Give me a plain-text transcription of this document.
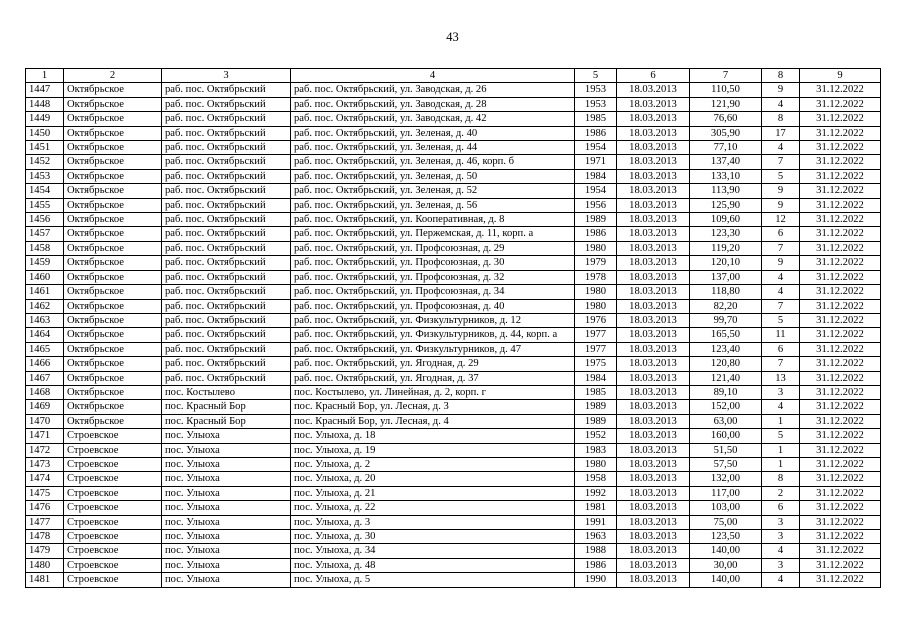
43
1	2	3	4	5	6	7	8	9
1447	Октябрьское	раб. пос. Октябрьский	раб. пос. Октябрьский, ул. Заводская, д. 26	1953	18.03.2013	110,50	9	31.12.2022
1448	Октябрьское	раб. пос. Октябрьский	раб. пос. Октябрьский, ул. Заводская, д. 28	1953	18.03.2013	121,90	4	31.12.2022
1449	Октябрьское	раб. пос. Октябрьский	раб. пос. Октябрьский, ул. Заводская, д. 42	1985	18.03.2013	76,60	8	31.12.2022
1450	Октябрьское	раб. пос. Октябрьский	раб. пос. Октябрьский, ул. Зеленая, д. 40	1986	18.03.2013	305,90	17	31.12.2022
1451	Октябрьское	раб. пос. Октябрьский	раб. пос. Октябрьский, ул. Зеленая, д. 44	1954	18.03.2013	77,10	4	31.12.2022
1452	Октябрьское	раб. пос. Октябрьский	раб. пос. Октябрьский, ул. Зеленая, д. 46, корп. б	1971	18.03.2013	137,40	7	31.12.2022
1453	Октябрьское	раб. пос. Октябрьский	раб. пос. Октябрьский, ул. Зеленая, д. 50	1984	18.03.2013	133,10	5	31.12.2022
1454	Октябрьское	раб. пос. Октябрьский	раб. пос. Октябрьский, ул. Зеленая, д. 52	1954	18.03.2013	113,90	9	31.12.2022
1455	Октябрьское	раб. пос. Октябрьский	раб. пос. Октябрьский, ул. Зеленая, д. 56	1956	18.03.2013	125,90	9	31.12.2022
1456	Октябрьское	раб. пос. Октябрьский	раб. пос. Октябрьский, ул. Кооперативная, д. 8	1989	18.03.2013	109,60	12	31.12.2022
1457	Октябрьское	раб. пос. Октябрьский	раб. пос. Октябрьский, ул. Пержемская, д. 11, корп. а	1986	18.03.2013	123,30	6	31.12.2022
1458	Октябрьское	раб. пос. Октябрьский	раб. пос. Октябрьский, ул. Профсоюзная, д. 29	1980	18.03.2013	119,20	7	31.12.2022
1459	Октябрьское	раб. пос. Октябрьский	раб. пос. Октябрьский, ул. Профсоюзная, д. 30	1979	18.03.2013	120,10	9	31.12.2022
1460	Октябрьское	раб. пос. Октябрьский	раб. пос. Октябрьский, ул. Профсоюзная, д. 32	1978	18.03.2013	137,00	4	31.12.2022
1461	Октябрьское	раб. пос. Октябрьский	раб. пос. Октябрьский, ул. Профсоюзная, д. 34	1980	18.03.2013	118,80	4	31.12.2022
1462	Октябрьское	раб. пос. Октябрьский	раб. пос. Октябрьский, ул. Профсоюзная, д. 40	1980	18.03.2013	82,20	7	31.12.2022
1463	Октябрьское	раб. пос. Октябрьский	раб. пос. Октябрьский, ул. Физкультурников, д. 12	1976	18.03.2013	99,70	5	31.12.2022
1464	Октябрьское	раб. пос. Октябрьский	раб. пос. Октябрьский, ул. Физкультурников, д. 44, корп. а	1977	18.03.2013	165,50	11	31.12.2022
1465	Октябрьское	раб. пос. Октябрьский	раб. пос. Октябрьский, ул. Физкультурников, д. 47	1977	18.03.2013	123,40	6	31.12.2022
1466	Октябрьское	раб. пос. Октябрьский	раб. пос. Октябрьский, ул. Ягодная, д. 29	1975	18.03.2013	120,80	7	31.12.2022
1467	Октябрьское	раб. пос. Октябрьский	раб. пос. Октябрьский, ул. Ягодная, д. 37	1984	18.03.2013	121,40	13	31.12.2022
1468	Октябрьское	пос. Костылево	пос. Костылево, ул. Линейная, д. 2, корп. г	1985	18.03.2013	89,10	3	31.12.2022
1469	Октябрьское	пос. Красный Бор	пос. Красный Бор, ул. Лесная, д. 3	1989	18.03.2013	152,00	4	31.12.2022
1470	Октябрьское	пос. Красный Бор	пос. Красный Бор, ул. Лесная, д. 4	1989	18.03.2013	63,00	1	31.12.2022
1471	Строевское	пос. Улыоха	пос. Улыоха, д. 18	1952	18.03.2013	160,00	5	31.12.2022
1472	Строевское	пос. Улыоха	пос. Улыоха, д. 19	1983	18.03.2013	51,50	1	31.12.2022
1473	Строевское	пос. Улыоха	пос. Улыоха, д. 2	1980	18.03.2013	57,50	1	31.12.2022
1474	Строевское	пос. Улыоха	пос. Улыоха, д. 20	1958	18.03.2013	132,00	8	31.12.2022
1475	Строевское	пос. Улыоха	пос. Улыоха, д. 21	1992	18.03.2013	117,00	2	31.12.2022
1476	Строевское	пос. Улыоха	пос. Улыоха, д. 22	1981	18.03.2013	103,00	6	31.12.2022
1477	Строевское	пос. Улыоха	пос. Улыоха, д. 3	1991	18.03.2013	75,00	3	31.12.2022
1478	Строевское	пос. Улыоха	пос. Улыоха, д. 30	1963	18.03.2013	123,50	3	31.12.2022
1479	Строевское	пос. Улыоха	пос. Улыоха, д. 34	1988	18.03.2013	140,00	4	31.12.2022
1480	Строевское	пос. Улыоха	пос. Улыоха, д. 48	1986	18.03.2013	30,00	3	31.12.2022
1481	Строевское	пос. Улыоха	пос. Улыоха, д. 5	1990	18.03.2013	140,00	4	31.12.2022
